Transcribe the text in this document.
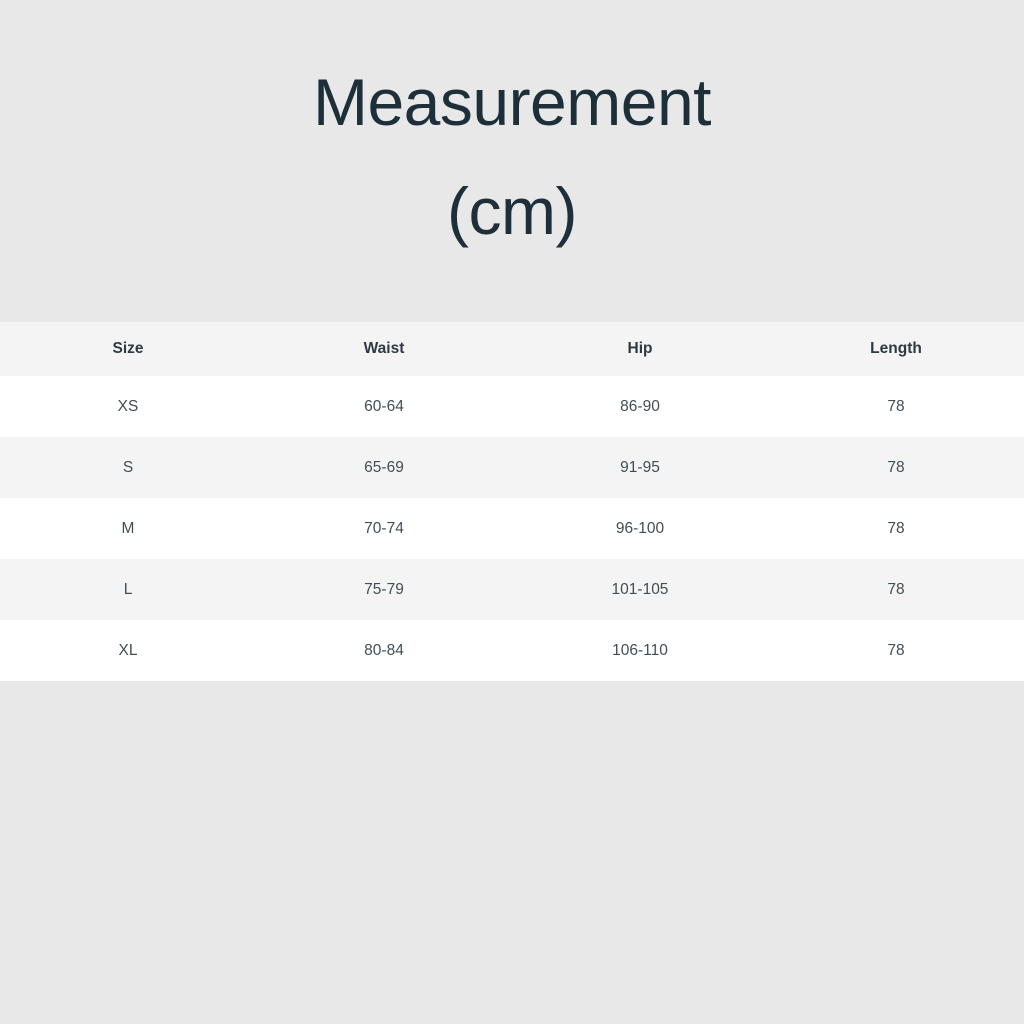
Measurement
(cm)
Size	Waist	Hip	Length
XS	60-64	86-90	78
S	65-69	91-95	78
M	70-74	96-100	78
L	75-79	101-105	78
XL	80-84	106-110	78
